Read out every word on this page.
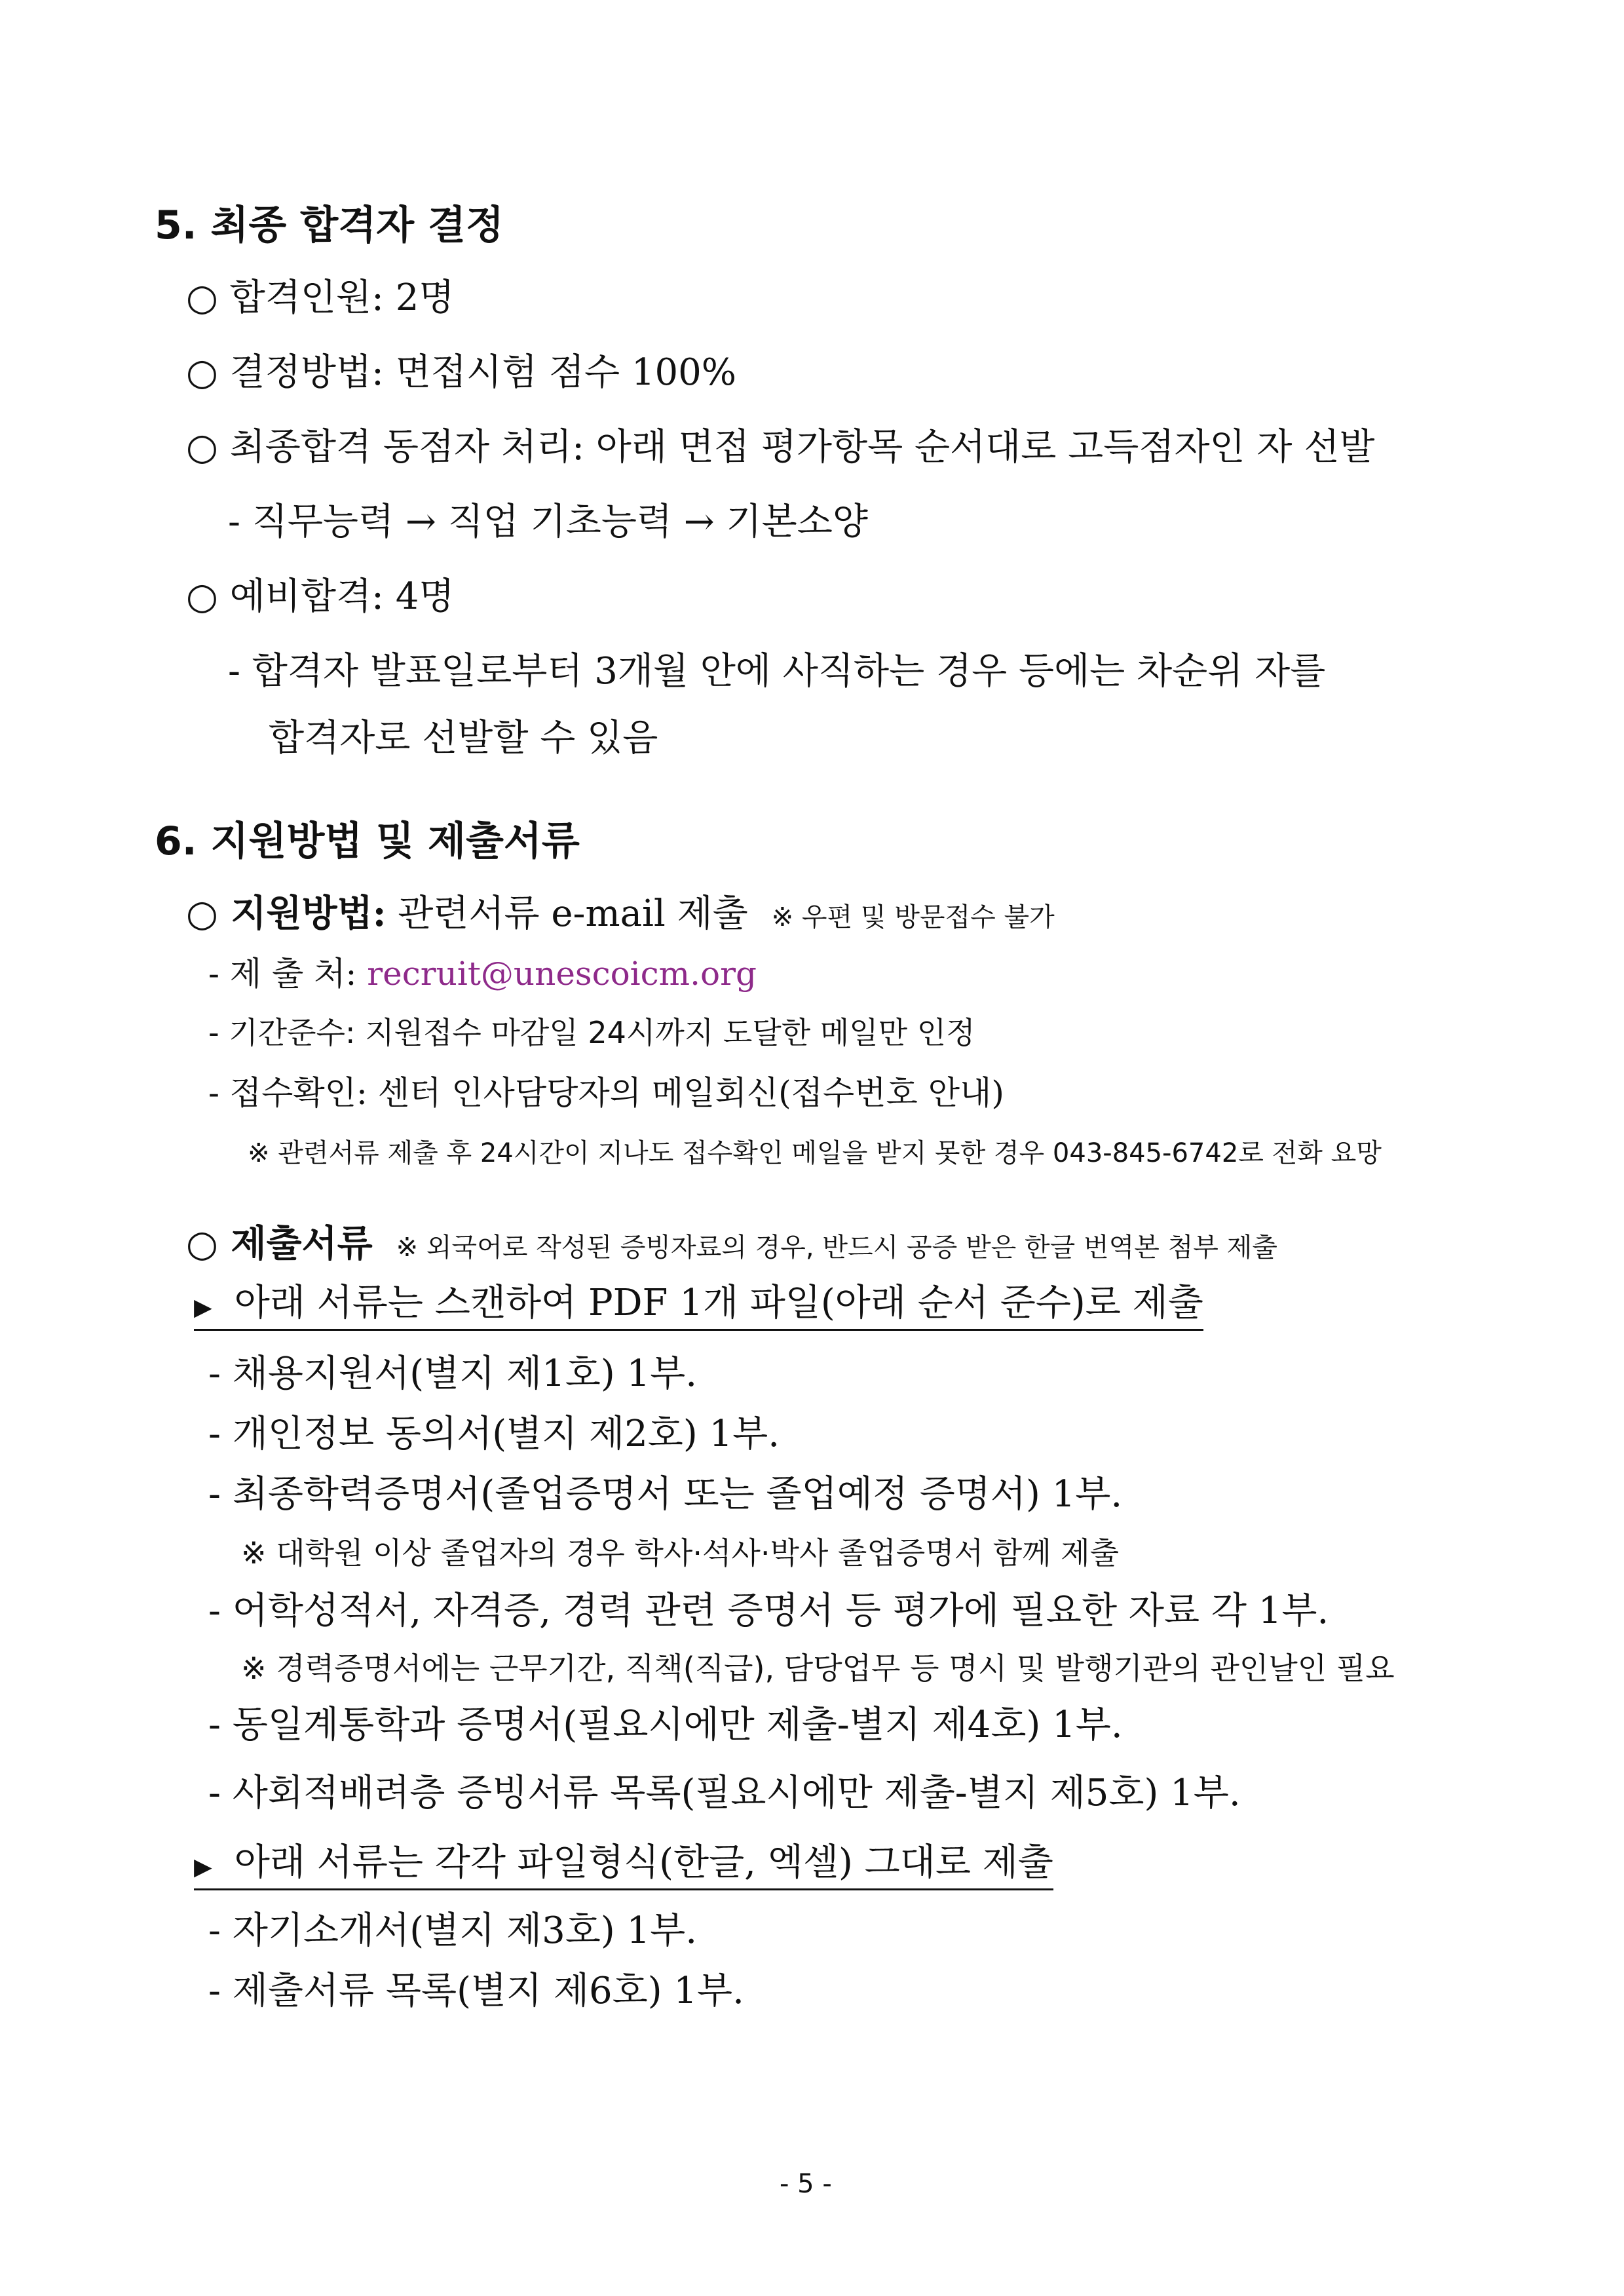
5. 최종 합격자 결정
○ 합격인원: 2명
○ 결정방법: 면접시험 점수 100%
○ 최종합격 동점자 처리: 아래 면접 평가항목 순서대로 고득점자인 자 선발
- 직무능력 → 직업 기초능력 → 기본소양
○ 예비합격: 4명
- 합격자 발표일로부터 3개월 안에 사직하는 경우 등에는 차순위 자를
합격자로 선발할 수 있음
6. 지원방법 및 제출서류
○ 지원방법: 관련서류 e-mail 제출 ※ 우편 및 방문접수 불가
- 제 출 처: recruit@unescoicm.org
- 기간준수: 지원접수 마감일 24시까지 도달한 메일만 인정
- 접수확인: 센터 인사담당자의 메일회신(접수번호 안내)
※ 관련서류 제출 후 24시간이 지나도 접수확인 메일을 받지 못한 경우 043-845-6742로 전화 요망
○ 제출서류 ※ 외국어로 작성된 증빙자료의 경우, 반드시 공증 받은 한글 번역본 첨부 제출
▶ 아래 서류는 스캔하여 PDF 1개 파일(아래 순서 준수)로 제출
- 채용지원서(별지 제1호) 1부.
- 개인정보 동의서(별지 제2호) 1부.
- 최종학력증명서(졸업증명서 또는 졸업예정 증명서) 1부.
※ 대학원 이상 졸업자의 경우 학사·석사·박사 졸업증명서 함께 제출
- 어학성적서, 자격증, 경력 관련 증명서 등 평가에 필요한 자료 각 1부.
※ 경력증명서에는 근무기간, 직책(직급), 담당업무 등 명시 및 발행기관의 관인날인 필요
- 동일계통학과 증명서(필요시에만 제출-별지 제4호) 1부.
- 사회적배려층 증빙서류 목록(필요시에만 제출-별지 제5호) 1부.
▶ 아래 서류는 각각 파일형식(한글, 엑셀) 그대로 제출
- 자기소개서(별지 제3호) 1부.
- 제출서류 목록(별지 제6호) 1부.
- 5 -
